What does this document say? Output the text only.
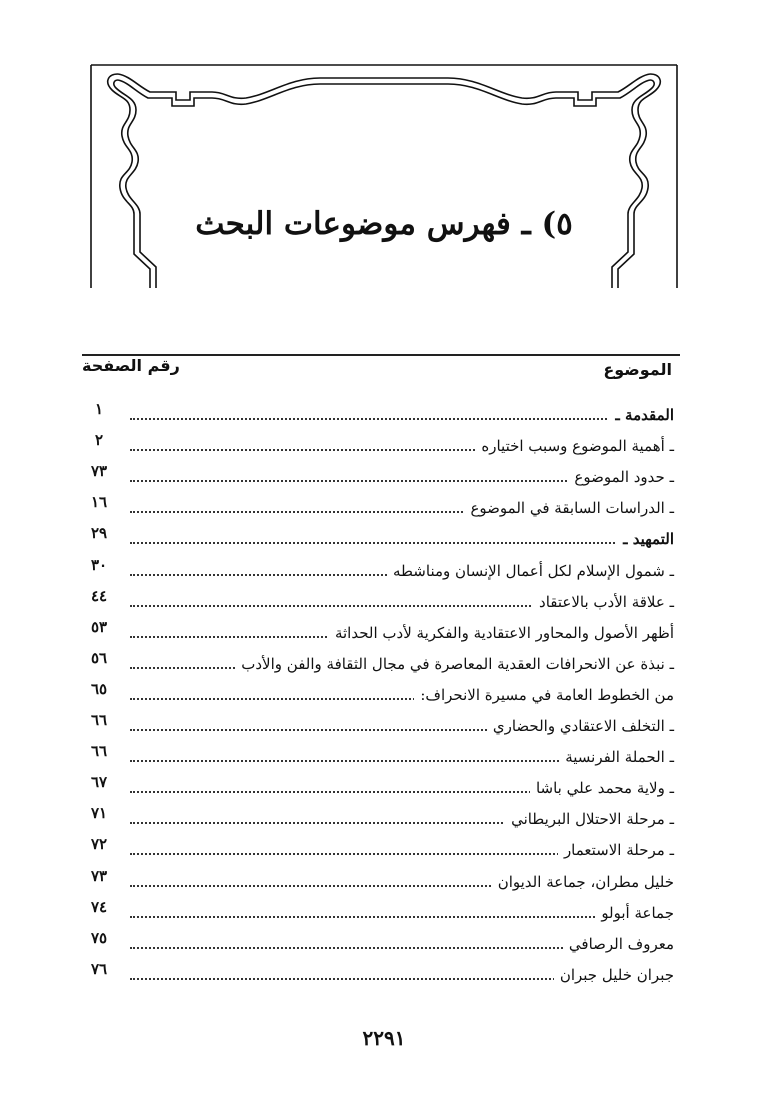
٥) ـ فهرس موضوعات البحث
الموضوع
رقم الصفحة
١	المقدمة ـ
٢	ـ أهمية الموضوع وسبب اختياره
٧٣	ـ حدود الموضوع
١٦	ـ الدراسات السابقة في الموضوع
٢٩	التمهيد ـ
٣٠	ـ شمول الإسلام لكل أعمال الإنسان ومناشطه
٤٤	ـ علاقة الأدب بالاعتقاد
٥٣	أظهر الأصول والمحاور الاعتقادية والفكرية لأدب الحداثة
٥٦	ـ نبذة عن الانحرافات العقدية المعاصرة في مجال الثقافة والفن والأدب
٦٥	من الخطوط العامة في مسيرة الانحراف:
٦٦	ـ التخلف الاعتقادي والحضاري
٦٦	ـ الحملة الفرنسية
٦٧	ـ ولاية محمد علي باشا
٧١	ـ مرحلة الاحتلال البريطاني
٧٢	ـ مرحلة الاستعمار
٧٣	خليل مطران، جماعة الديوان
٧٤	جماعة أبولو
٧٥	معروف الرصافي
٧٦	جبران خليل جبران
٢٢٩١
